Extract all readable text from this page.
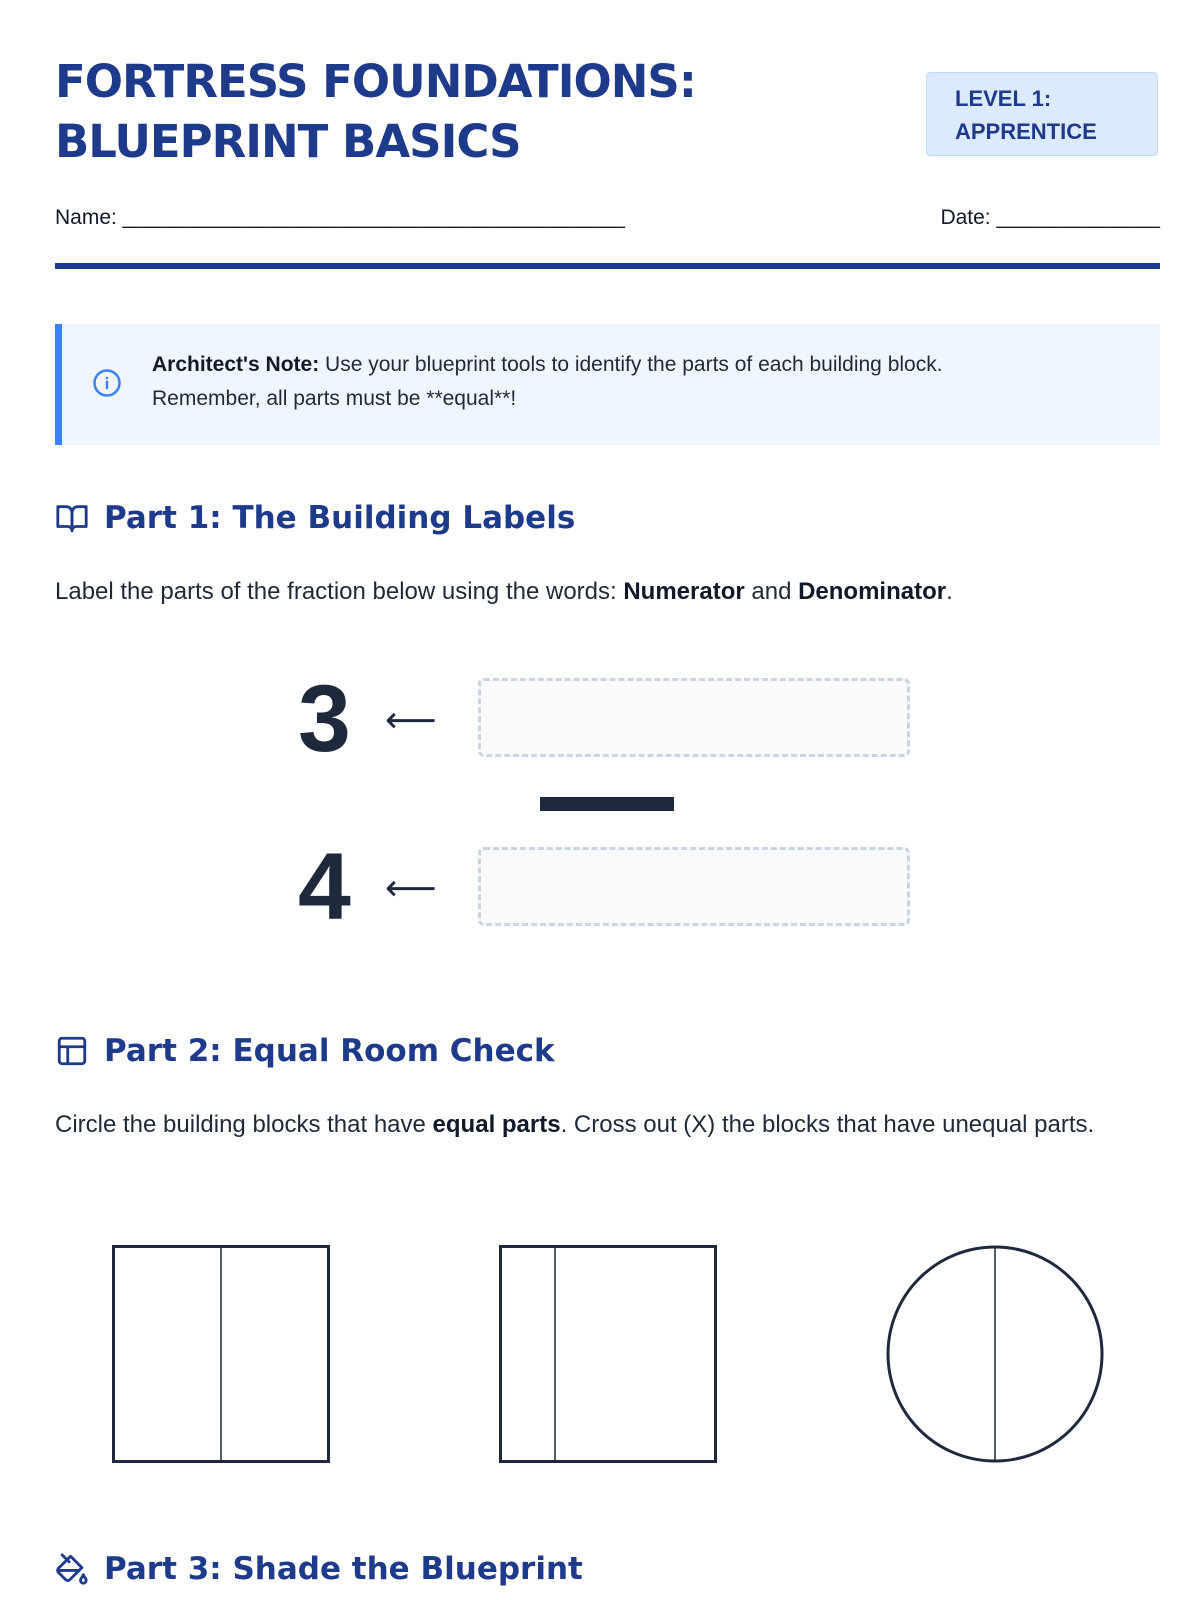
FORTRESS FOUNDATIONS:
BLUEPRINT BASICS
LEVEL 1:
APPRENTICE
Name: ___________________________________________	Date: ______________
Architect's Note: Use your blueprint tools to identify the parts of each building block.
Remember, all parts must be **equal**!
Part 1: The Building Labels
Label the parts of the fraction below using the words: Numerator and Denominator.
3 ⟵
4 ⟵
Part 2: Equal Room Check
Circle the building blocks that have equal parts. Cross out (X) the blocks that have unequal parts.
Part 3: Shade the Blueprint
